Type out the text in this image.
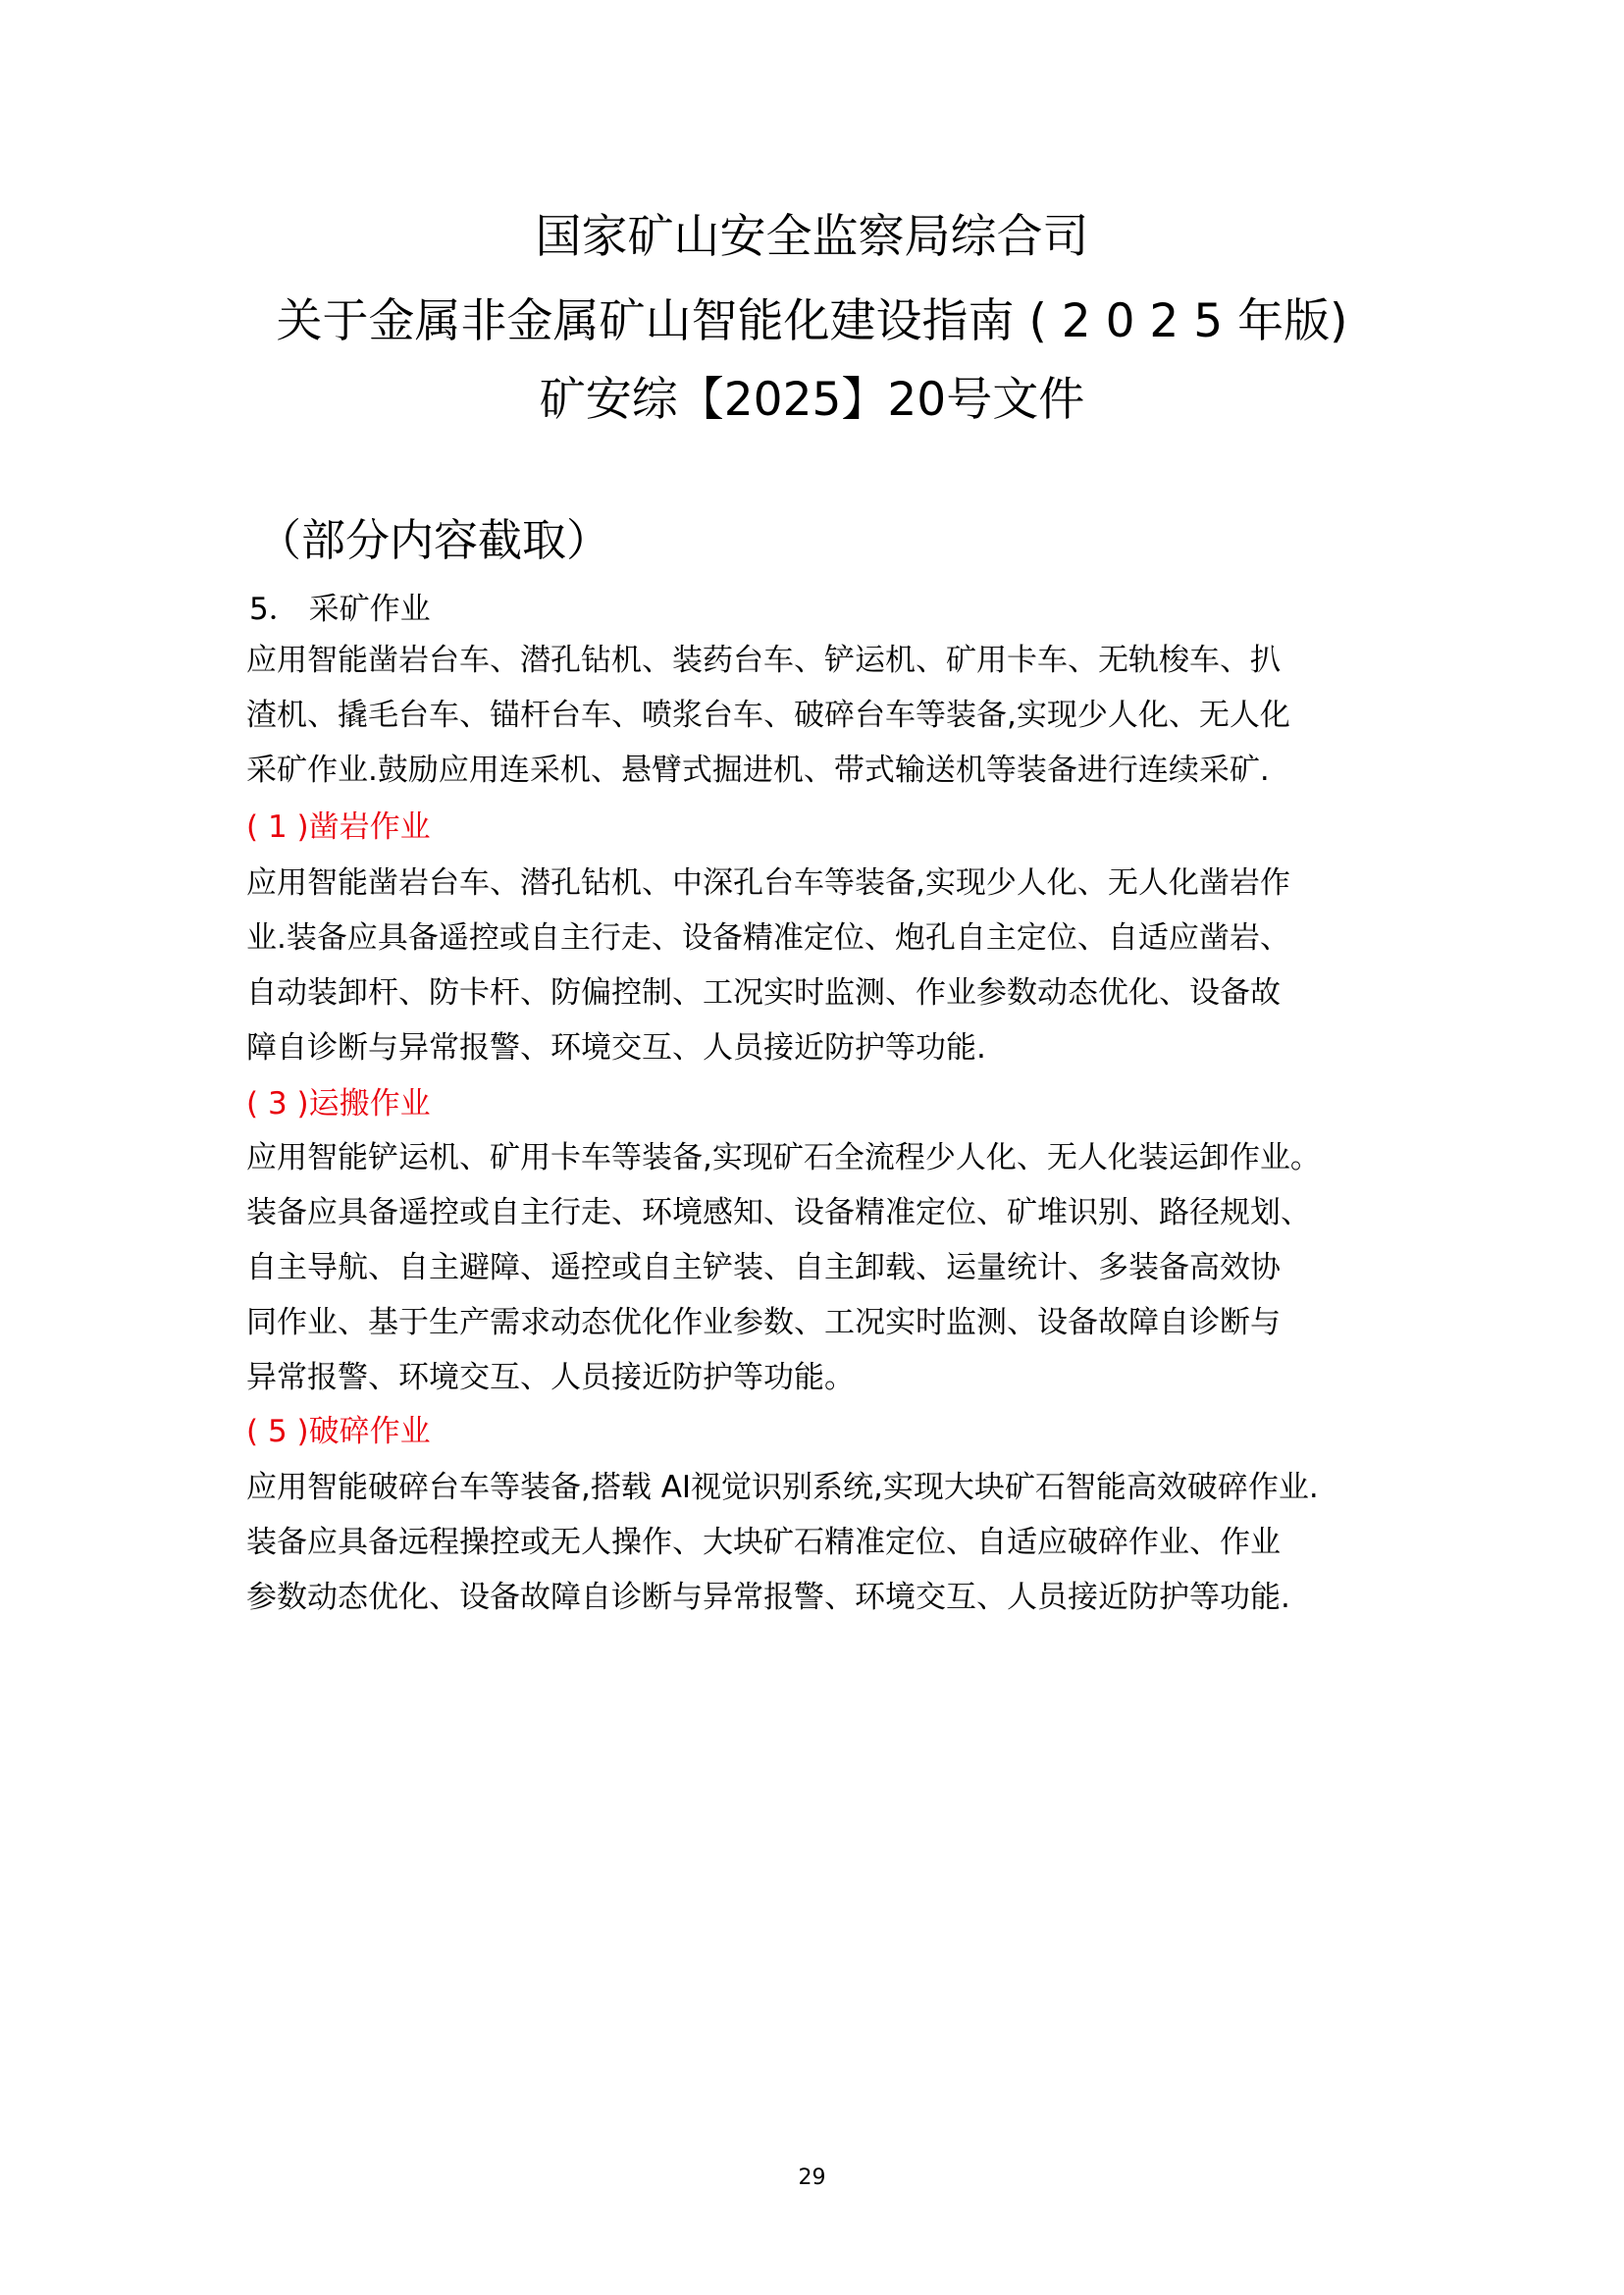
国家矿山安全监察局综合司
关于金属非金属矿山智能化建设指南 ( 2 0 2 5 年版)
矿安综【2025】20号文件
（部分内容截取）
5． 采矿作业
应用智能凿岩台车、潜孔钻机、装药台车、铲运机、矿用卡车、无轨梭车、扒
渣机、撬毛台车、锚杆台车、喷浆台车、破碎台车等装备,实现少人化、无人化
采矿作业.鼓励应用连采机、悬臂式掘进机、带式输送机等装备进行连续采矿.
( 1 )凿岩作业
应用智能凿岩台车、潜孔钻机、中深孔台车等装备,实现少人化、无人化凿岩作
业.装备应具备遥控或自主行走、设备精准定位、炮孔自主定位、自适应凿岩、
自动装卸杆、防卡杆、防偏控制、工况实时监测、作业参数动态优化、设备故
障自诊断与异常报警、环境交互、人员接近防护等功能.
( 3 )运搬作业
应用智能铲运机、矿用卡车等装备,实现矿石全流程少人化、无人化装运卸作业。
装备应具备遥控或自主行走、环境感知、设备精准定位、矿堆识别、路径规划、
自主导航、自主避障、遥控或自主铲装、自主卸载、运量统计、多装备高效协
同作业、基于生产需求动态优化作业参数、工况实时监测、设备故障自诊断与
异常报警、环境交互、人员接近防护等功能。
( 5 )破碎作业
应用智能破碎台车等装备,搭载 AI视觉识别系统,实现大块矿石智能高效破碎作业.
装备应具备远程操控或无人操作、大块矿石精准定位、自适应破碎作业、作业
参数动态优化、设备故障自诊断与异常报警、环境交互、人员接近防护等功能.
29
